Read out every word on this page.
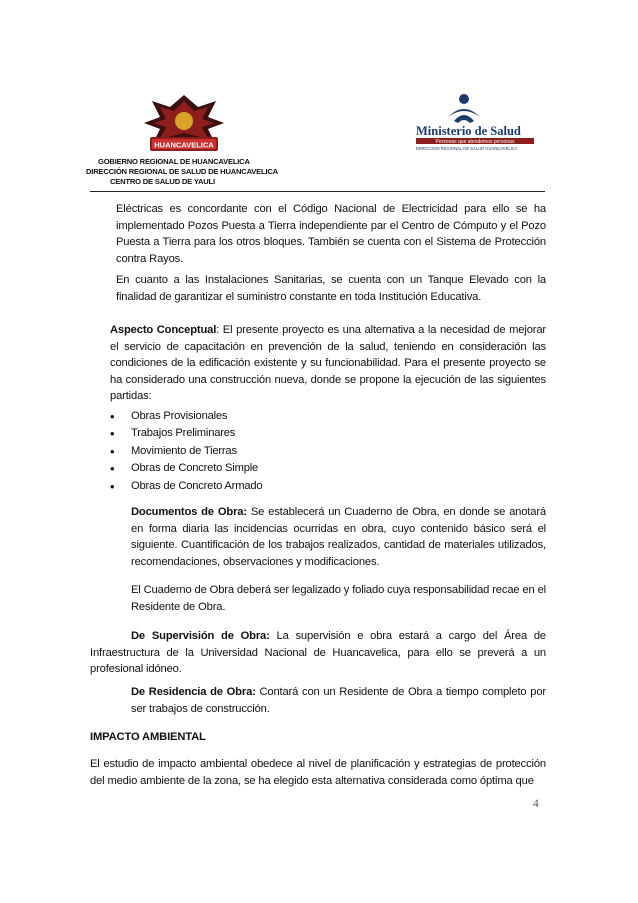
HUANCAVELICA
Ministerio de Salud
Personas que atendemos personas
DIRECCION REGIONAL DE SALUD HUANCAVELICA
GOBIERNO REGIONAL DE HUANCAVELICA
DIRECCIÓN REGIONAL DE SALUD DE HUANCAVELICA
CENTRO DE SALUD DE YAULI
Eléctricas es concordante con el Código Nacional de Electricidad para ello se ha implementado Pozos Puesta a Tierra independiente par el Centro de Cómputo y el Pozo Puesta a Tierra para los otros bloques. También se cuenta con el Sistema de Protección contra Rayos.
En cuanto a las Instalaciones Sanitarias, se cuenta con un Tanque Elevado con la finalidad de garantizar el suministro constante en toda Institución Educativa.
Aspecto Conceptual: El presente proyecto es una alternativa a la necesidad de mejorar el servicio de capacitación en prevención de la salud, teniendo en consideración las condiciones de la edificación existente y su funcionabilidad. Para el presente proyecto se ha considerado una construcción nueva, donde se propone la ejecución de las siguientes partidas:
• Obras Provisionales
• Trabajos Preliminares
• Movimiento de Tierras
• Obras de Concreto Simple
• Obras de Concreto Armado
Documentos de Obra: Se establecerá un Cuaderno de Obra, en donde se anotará en forma diaria las incidencias ocurridas en obra, cuyo contenido básico será el siguiente. Cuantificación de los trabajos realizados, cantidad de materiales utilizados, recomendaciones, observaciones y modificaciones.
El Cuaderno de Obra deberá ser legalizado y foliado cuya responsabilidad recae en el Residente de Obra.
De Supervisión de Obra: La supervisión e obra estará a cargo del Área de Infraestructura de la Universidad Nacional de Huancavelica, para ello se preverá a un profesional idóneo.
De Residencia de Obra: Contará con un Residente de Obra a tiempo completo por ser trabajos de construcción.
IMPACTO AMBIENTAL
El estudio de impacto ambiental obedece al nivel de planificación y estrategias de protección del medio ambiente de la zona, se ha elegido esta alternativa considerada como óptima que
4
